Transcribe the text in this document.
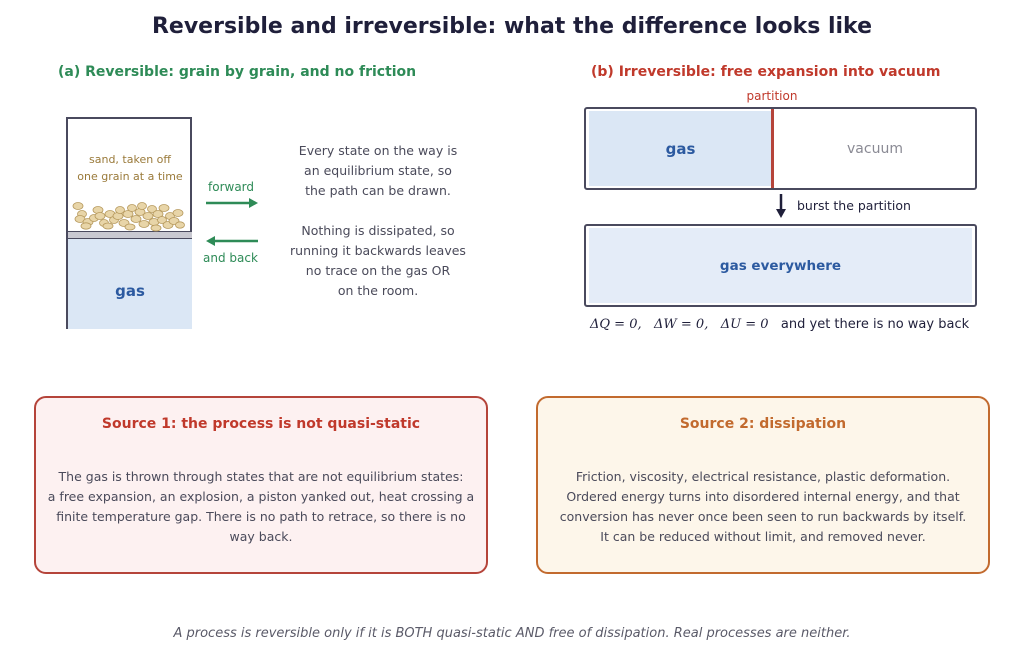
Reversible and irreversible: what the difference looks like
(a) Reversible: grain by grain, and no friction
sand, taken off
one grain at a time
gas
forward
and back
Every state on the way is
an equilibrium state, so
the path can be drawn.
Nothing is dissipated, so
running it backwards leaves
no trace on the gas OR
on the room.
(b) Irreversible: free expansion into vacuum
partition
gas	vacuum
burst the partition
gas everywhere
ΔQ = 0, ΔW = 0, ΔU = 0 and yet there is no way back
Source 1: the process is not quasi-static
The gas is thrown through states that are not equilibrium states:
a free expansion, an explosion, a piston yanked out, heat crossing a
finite temperature gap. There is no path to retrace, so there is no
way back.
Source 2: dissipation
Friction, viscosity, electrical resistance, plastic deformation.
Ordered energy turns into disordered internal energy, and that
conversion has never once been seen to run backwards by itself.
It can be reduced without limit, and removed never.
A process is reversible only if it is BOTH quasi-static AND free of dissipation. Real processes are neither.
